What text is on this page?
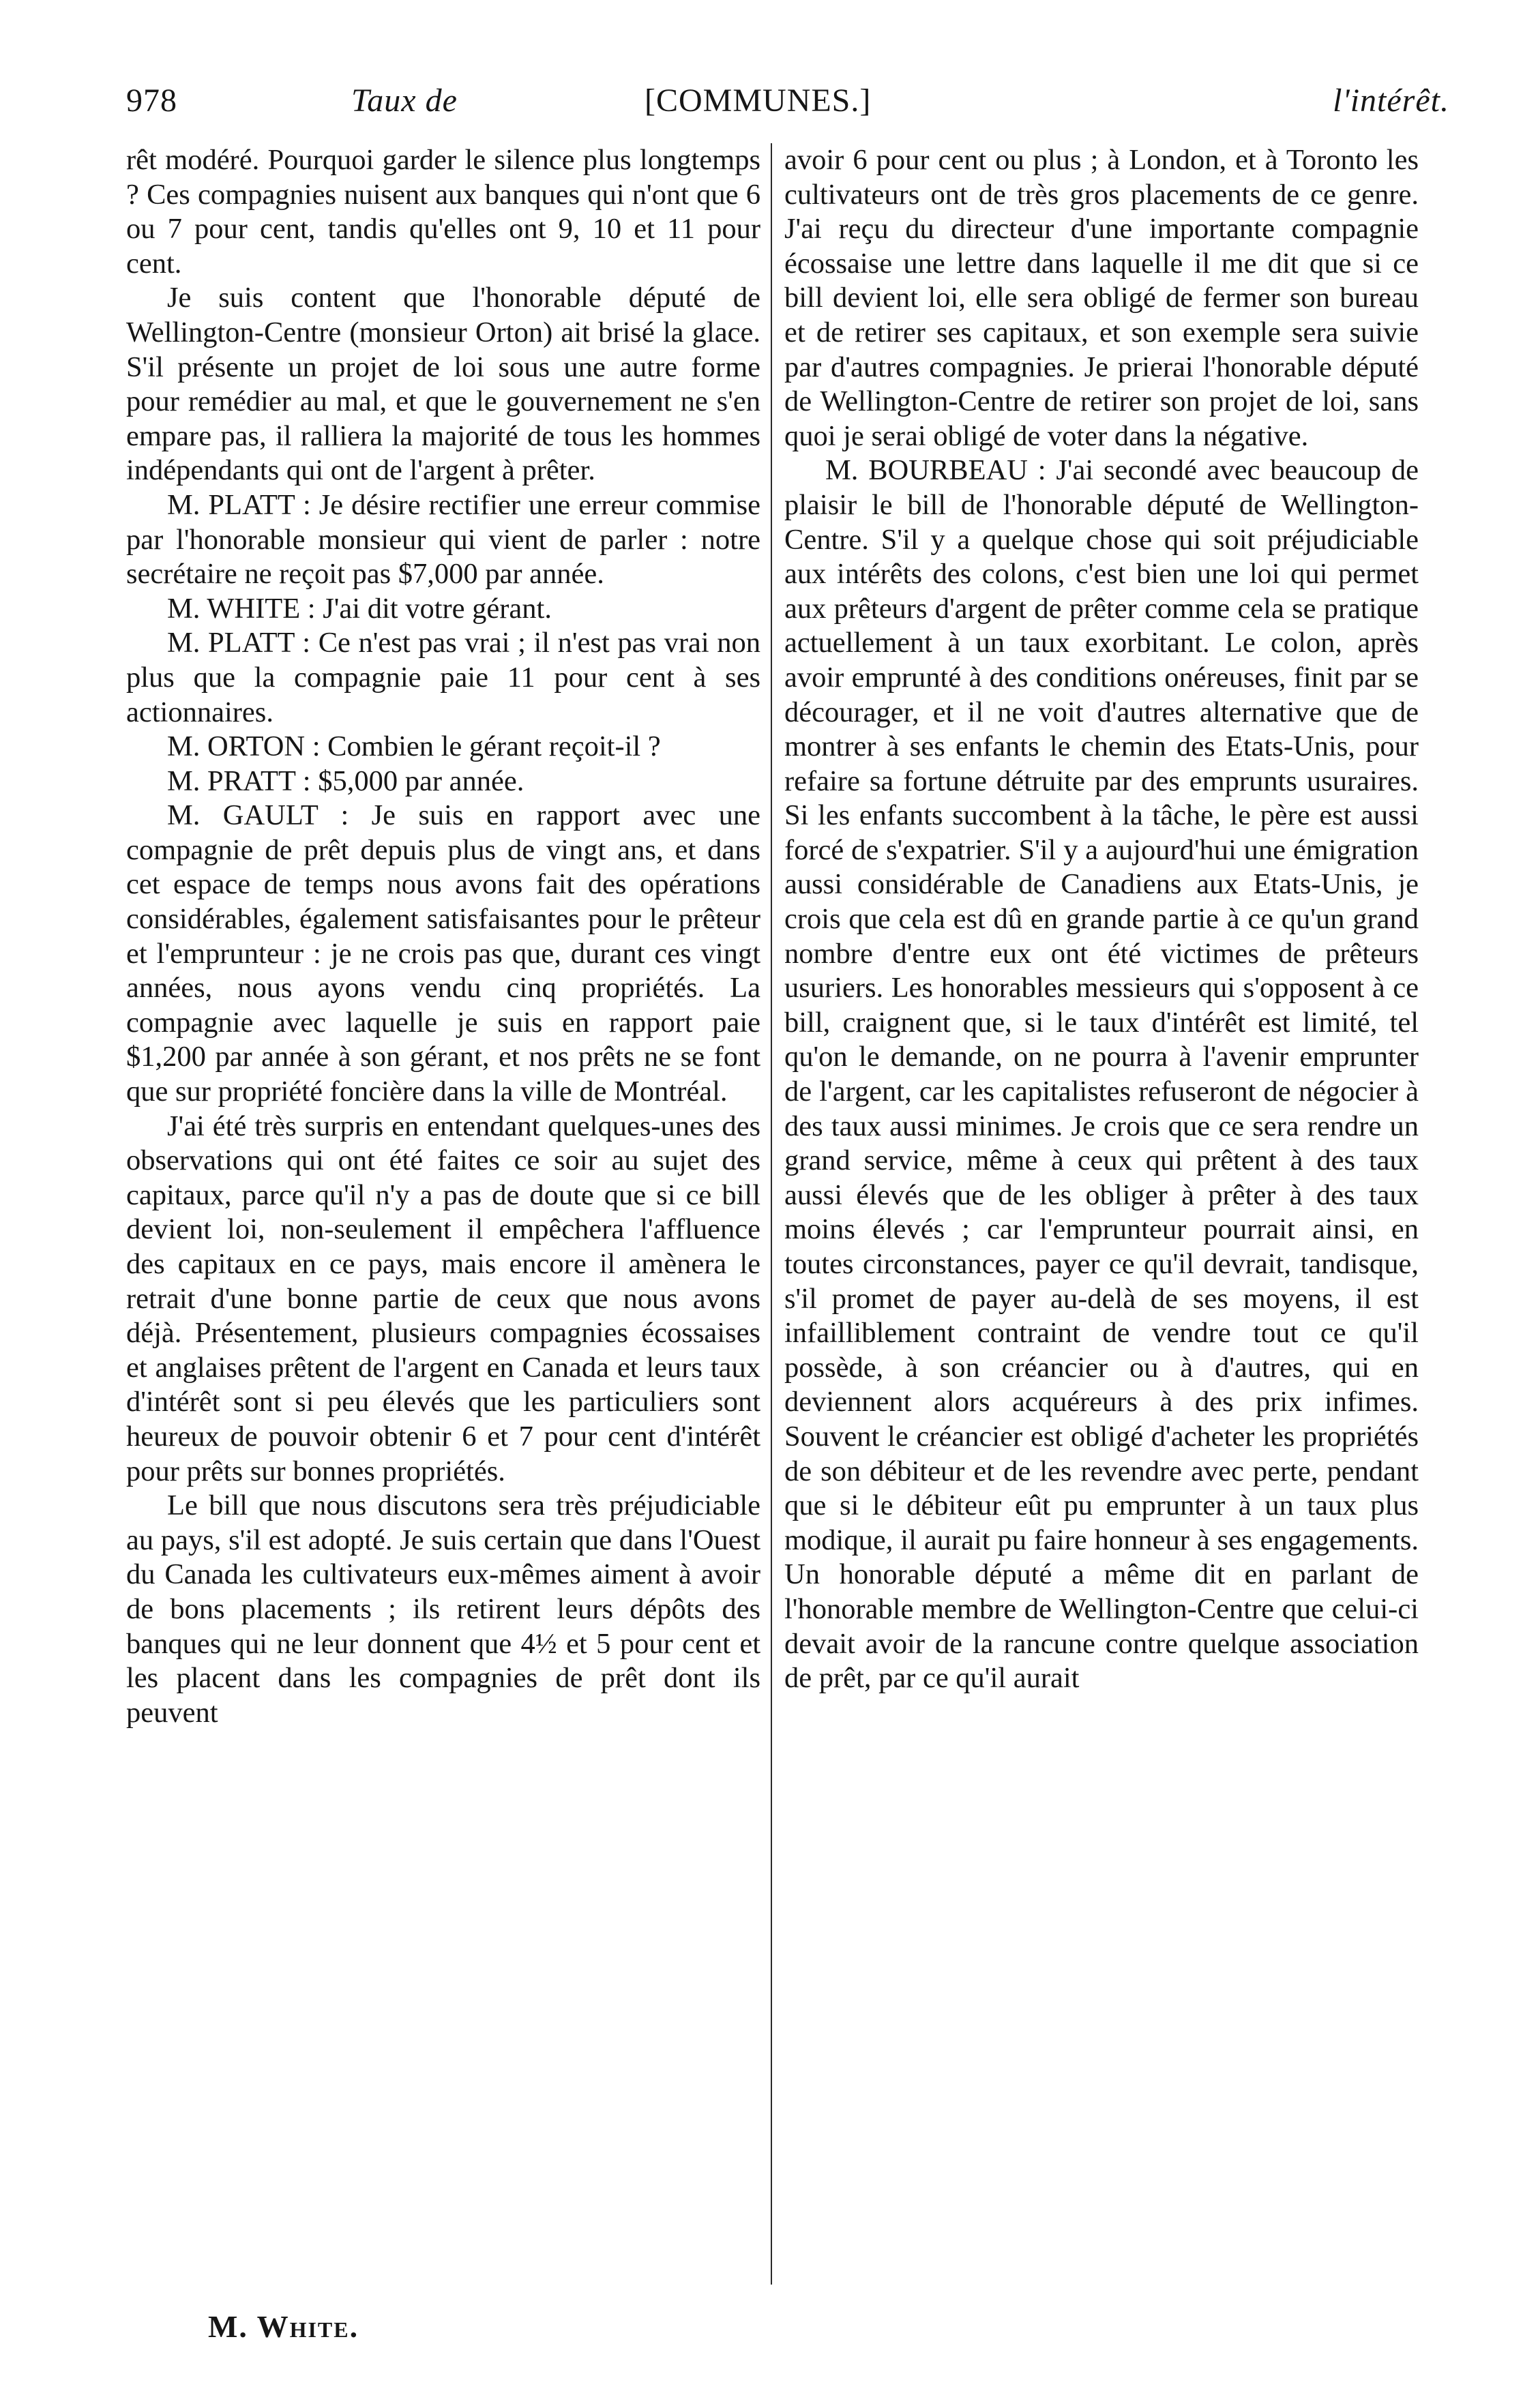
978	Taux de	[COMMUNES.]	l'intérêt.

rêt modéré. Pourquoi garder le silence plus longtemps ? Ces compagnies nuisent aux banques qui n'ont que 6 ou 7 pour cent, tandis qu'elles ont 9, 10 et 11 pour cent.

Je suis content que l'honorable député de Wellington-Centre (monsieur Orton) ait brisé la glace. S'il présente un projet de loi sous une autre forme pour remédier au mal, et que le gouvernement ne s'en empare pas, il ralliera la majorité de tous les hommes indépendants qui ont de l'argent à prêter.

M. PLATT : Je désire rectifier une erreur commise par l'honorable monsieur qui vient de parler : notre secrétaire ne reçoit pas $7,000 par année.

M. WHITE : J'ai dit votre gérant.

M. PLATT : Ce n'est pas vrai ; il n'est pas vrai non plus que la compagnie paie 11 pour cent à ses actionnaires.

M. ORTON : Combien le gérant reçoit-il ?

M. PRATT : $5,000 par année.

M. GAULT : Je suis en rapport avec une compagnie de prêt depuis plus de vingt ans, et dans cet espace de temps nous avons fait des opérations considérables, également satisfaisantes pour le prêteur et l'emprunteur : je ne crois pas que, durant ces vingt années, nous ayons vendu cinq propriétés. La compagnie avec laquelle je suis en rapport paie $1,200 par année à son gérant, et nos prêts ne se font que sur propriété foncière dans la ville de Montréal.

J'ai été très surpris en entendant quelques-unes des observations qui ont été faites ce soir au sujet des capitaux, parce qu'il n'y a pas de doute que si ce bill devient loi, non-seulement il empêchera l'affluence des capitaux en ce pays, mais encore il amènera le retrait d'une bonne partie de ceux que nous avons déjà. Présentement, plusieurs compagnies écossaises et anglaises prêtent de l'argent en Canada et leurs taux d'intérêt sont si peu élevés que les particuliers sont heureux de pouvoir obtenir 6 et 7 pour cent d'intérêt pour prêts sur bonnes propriétés.

Le bill que nous discutons sera très préjudiciable au pays, s'il est adopté. Je suis certain que dans l'Ouest du Canada les cultivateurs eux-mêmes aiment à avoir de bons placements ; ils retirent leurs dépôts des banques qui ne leur donnent que 4½ et 5 pour cent et les placent dans les compagnies de prêt dont ils peuvent

avoir 6 pour cent ou plus ; à London, et à Toronto les cultivateurs ont de très gros placements de ce genre. J'ai reçu du directeur d'une importante compagnie écossaise une lettre dans laquelle il me dit que si ce bill devient loi, elle sera obligé de fermer son bureau et de retirer ses capitaux, et son exemple sera suivie par d'autres compagnies. Je prierai l'honorable député de Wellington-Centre de retirer son projet de loi, sans quoi je serai obligé de voter dans la négative.

M. BOURBEAU : J'ai secondé avec beaucoup de plaisir le bill de l'honorable député de Wellington-Centre. S'il y a quelque chose qui soit préjudiciable aux intérêts des colons, c'est bien une loi qui permet aux prêteurs d'argent de prêter comme cela se pratique actuellement à un taux exorbitant. Le colon, après avoir emprunté à des conditions onéreuses, finit par se décourager, et il ne voit d'autres alternative que de montrer à ses enfants le chemin des Etats-Unis, pour refaire sa fortune détruite par des emprunts usuraires. Si les enfants succombent à la tâche, le père est aussi forcé de s'expatrier. S'il y a aujourd'hui une émigration aussi considérable de Canadiens aux Etats-Unis, je crois que cela est dû en grande partie à ce qu'un grand nombre d'entre eux ont été victimes de prêteurs usuriers. Les honorables messieurs qui s'opposent à ce bill, craignent que, si le taux d'intérêt est limité, tel qu'on le demande, on ne pourra à l'avenir emprunter de l'argent, car les capitalistes refuseront de négocier à des taux aussi minimes. Je crois que ce sera rendre un grand service, même à ceux qui prêtent à des taux aussi élevés que de les obliger à prêter à des taux moins élevés ; car l'emprunteur pourrait ainsi, en toutes circonstances, payer ce qu'il devrait, tandisque, s'il promet de payer au-delà de ses moyens, il est infailliblement contraint de vendre tout ce qu'il possède, à son créancier ou à d'autres, qui en deviennent alors acquéreurs à des prix infimes. Souvent le créancier est obligé d'acheter les propriétés de son débiteur et de les revendre avec perte, pendant que si le débiteur eût pu emprunter à un taux plus modique, il aurait pu faire honneur à ses engagements. Un honorable député a même dit en parlant de l'honorable membre de Wellington-Centre que celui-ci devait avoir de la rancune contre quelque association de prêt, par ce qu'il aurait

M. White.
